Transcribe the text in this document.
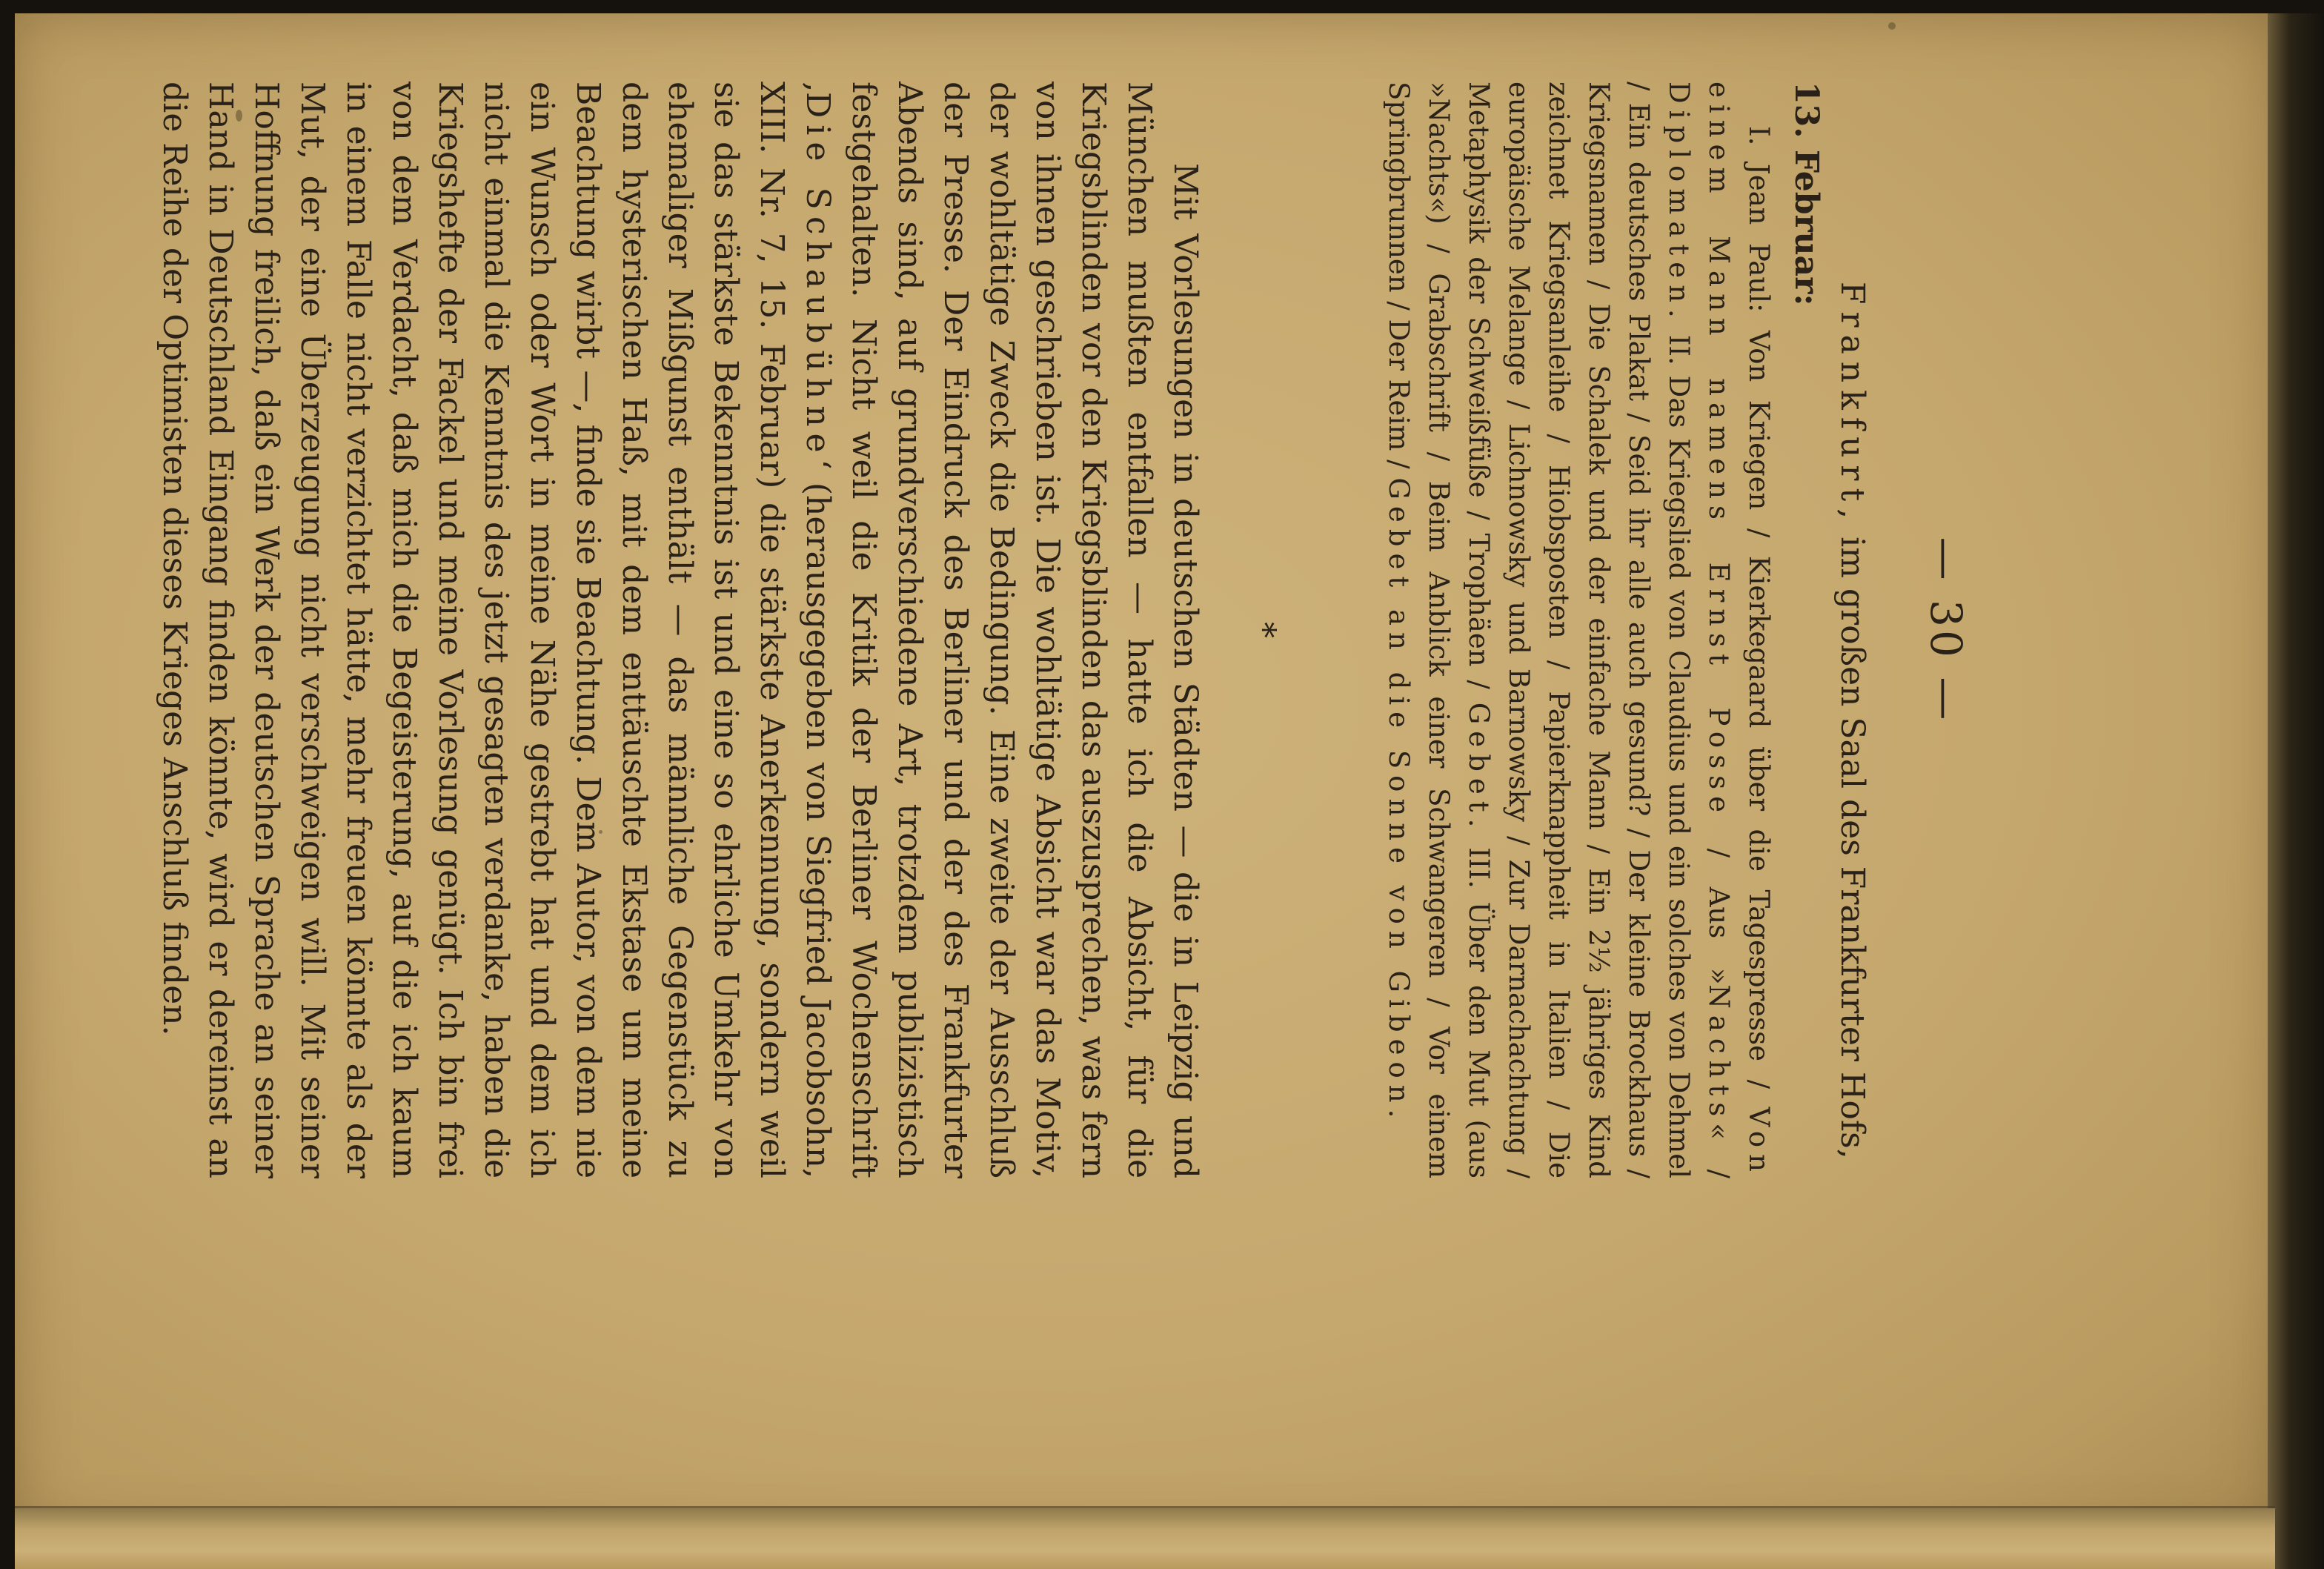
— 30 —
Frankfurt, im großen Saal des Frankfurter Hofs,
13. Februar:

I. Jean Paul: Von Kriegen / Kierkegaard über die Tagespresse / Von einem Mann namens Ernst Posse / Aus »Nachts« / Diplomaten. II. Das Kriegslied von Claudius und ein solches von Dehmel / Ein deutsches Plakat / Seid ihr alle auch gesund? / Der kleine Brockhaus / Kriegsnamen / Die Schalek und der einfache Mann / Ein 2½ jähriges Kind zeichnet Kriegsanleihe / Hiobsposten / Papierknappheit in Italien / Die europäische Melange / Lichnowsky und Barnowsky / Zur Darnachachtung / Metaphysik der Schweißfüße / Trophäen / Gebet. III. Über den Mut (aus »Nachts«) / Grabschrift / Beim Anblick einer Schwangeren / Vor einem Springbrunnen / Der Reim / Gebet an die Sonne von Gibeon.

*

Mit Vorlesungen in deutschen Städten — die in Leipzig und München mußten entfallen — hatte ich die Absicht, für die Kriegsblinden vor den Kriegsblinden das auszusprechen, was fern von ihnen geschrieben ist. Die wohltätige Absicht war das Motiv, der wohltätige Zweck die Bedingung. Eine zweite der Ausschluß der Presse. Der Eindruck des Berliner und der des Frankfurter Abends sind, auf grundverschiedene Art, trotzdem publizistisch festgehalten. Nicht weil die Kritik der Berliner Wochenschrift ‚Die Schaubühne‘ (herausgegeben von Siegfried Jacobsohn, XIII. Nr. 7, 15. Februar) die stärkste Anerkennung, sondern weil sie das stärkste Bekenntnis ist und eine so ehrliche Umkehr von ehemaliger Mißgunst enthält — das männliche Gegenstück zu dem hysterischen Haß, mit dem enttäuschte Ekstase um meine Beachtung wirbt —, finde sie Beachtung. Dem Autor, von dem nie ein Wunsch oder Wort in meine Nähe gestrebt hat und dem ich nicht einmal die Kenntnis des jetzt gesagten verdanke, haben die Kriegshefte der Fackel und meine Vorlesung genügt. Ich bin frei von dem Verdacht, daß mich die Begeisterung, auf die ich kaum in einem Falle nicht verzichtet hätte, mehr freuen könnte als der Mut, der eine Überzeugung nicht verschweigen will. Mit seiner Hoffnung freilich, daß ein Werk der deutschen Sprache an seiner Hand in Deutschland Eingang finden könnte, wird er dereinst an die Reihe der Optimisten dieses Krieges Anschluß finden.
